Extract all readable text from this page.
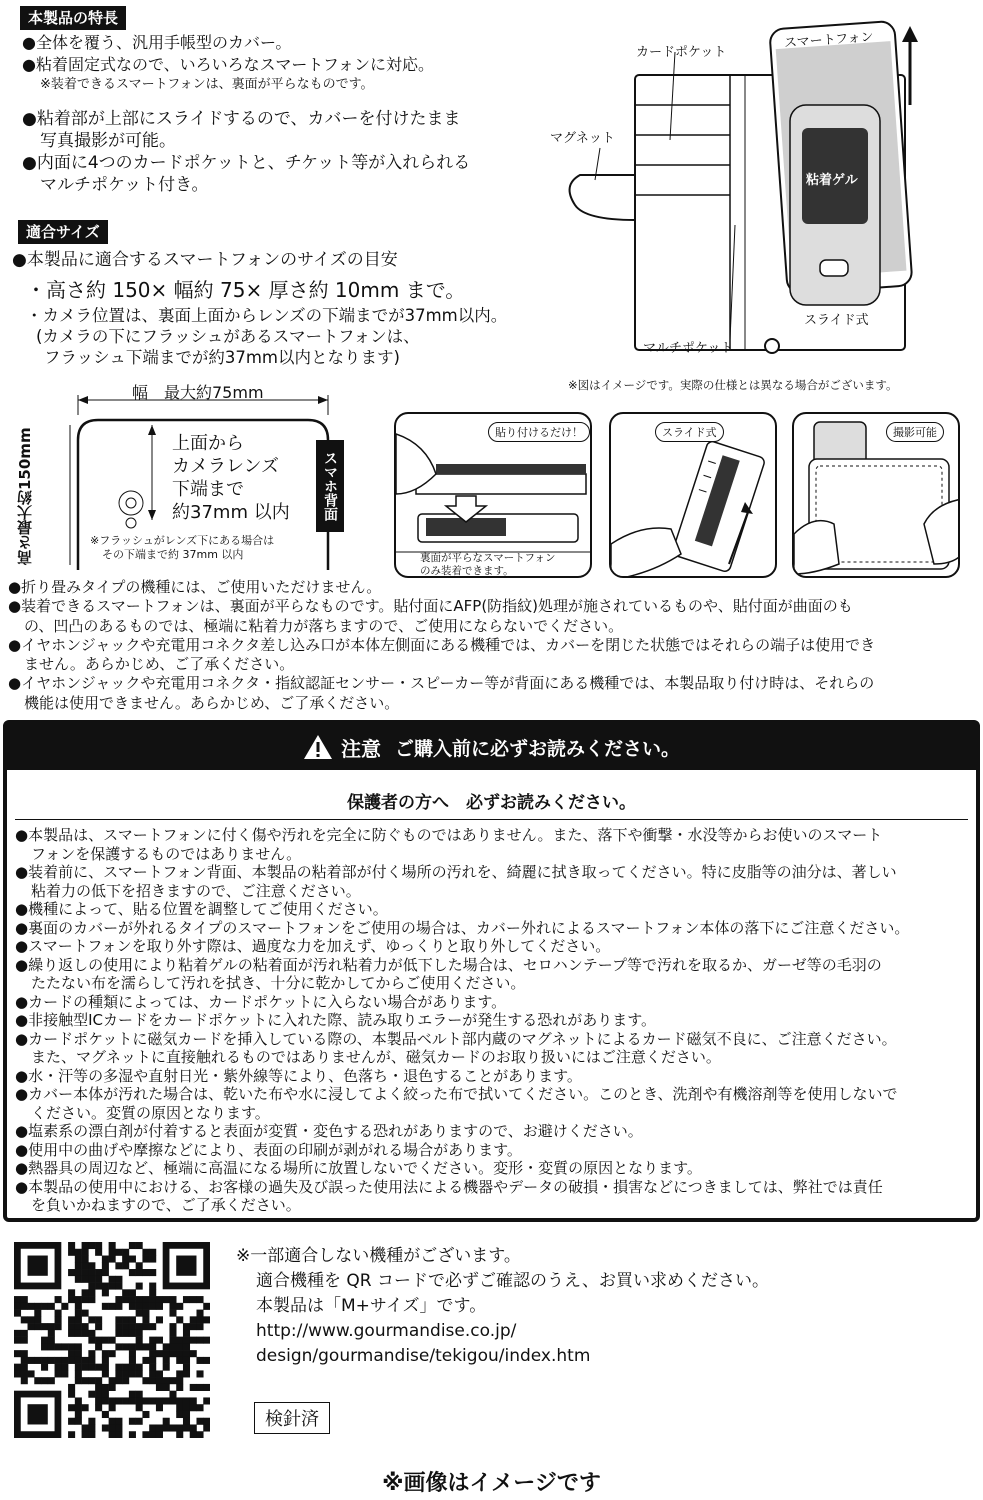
本製品の特長
●全体を覆う、汎用手帳型のカバー。
●粘着固定式なので、いろいろなスマートフォンに対応。
※装着できるスマートフォンは、裏面が平らなものです。
●粘着部が上部にスライドするので、カバーを付けたまま
写真撮影が可能。
●内面に4つのカードポケットと、チケット等が入れられる
マルチポケット付き。
カードポケット
スマートフォン
マグネット
粘着ゲル
スライド式
マルチポケット
※図はイメージです。実際の仕様とは異なる場合がございます。
適合サイズ
●本製品に適合するスマートフォンのサイズの目安
・高さ約 150× 幅約 75× 厚さ約 10mm まで。
・カメラ位置は、裏面上面からレンズの下端までが37mm以内。
(カメラの下にフラッシュがあるスマートフォンは、
フラッシュ下端までが約37mm以内となります)
幅　最大約75mm
高さ最大約150mm	上面から
カメラレンズ
下端まで
約37mm 以内	スマホ背面
※フラッシュがレンズ下にある場合は
その下端まで約 37mm 以内
貼り付けるだけ！
裏面が平らなスマートフォン
のみ装着できます。
スライド式	撮影可能
●折り畳みタイプの機種には、ご使用いただけません。
●装着できるスマートフォンは、裏面が平らなものです。貼付面にAFP(防指紋)処理が施されているものや、貼付面が曲面のも
の、凹凸のあるものでは、極端に粘着力が落ちますので、ご使用にならないでください。
●イヤホンジャックや充電用コネクタ差し込み口が本体左側面にある機種では、カバーを閉じた状態ではそれらの端子は使用でき
ません。あらかじめ、ご了承ください。
●イヤホンジャックや充電用コネクタ・指紋認証センサー・スピーカー等が背面にある機種では、本製品取り付け時は、それらの
機能は使用できません。あらかじめ、ご了承ください。
注意 ご購入前に必ずお読みください。
保護者の方へ　必ずお読みください。
●本製品は、スマートフォンに付く傷や汚れを完全に防ぐものではありません。また、落下や衝撃・水没等からお使いのスマート
フォンを保護するものではありません。
●装着前に、スマートフォン背面、本製品の粘着部が付く場所の汚れを、綺麗に拭き取ってください。特に皮脂等の油分は、著しい
粘着力の低下を招きますので、ご注意ください。
●機種によって、貼る位置を調整してご使用ください。
●裏面のカバーが外れるタイプのスマートフォンをご使用の場合は、カバー外れによるスマートフォン本体の落下にご注意ください。
●スマートフォンを取り外す際は、過度な力を加えず、ゆっくりと取り外してください。
●繰り返しの使用により粘着ゲルの粘着面が汚れ粘着力が低下した場合は、セロハンテープ等で汚れを取るか、ガーゼ等の毛羽の
たたない布を濡らして汚れを拭き、十分に乾かしてからご使用ください。
●カードの種類によっては、カードポケットに入らない場合があります。
●非接触型ICカードをカードポケットに入れた際、読み取りエラーが発生する恐れがあります。
●カードポケットに磁気カードを挿入している際の、本製品ベルト部内蔵のマグネットによるカード磁気不良に、ご注意ください。
また、マグネットに直接触れるものではありませんが、磁気カードのお取り扱いにはご注意ください。
●水・汗等の多湿や直射日光・紫外線等により、色落ち・退色することがあります。
●カバー本体が汚れた場合は、乾いた布や水に浸してよく絞った布で拭いてください。このとき、洗剤や有機溶剤等を使用しないで
ください。変質の原因となります。
●塩素系の漂白剤が付着すると表面が変質・変色する恐れがありますので、お避けください。
●使用中の曲げや摩擦などにより、表面の印刷が剥がれる場合があります。
●熱器具の周辺など、極端に高温になる場所に放置しないでください。変形・変質の原因となります。
●本製品の使用中における、お客様の過失及び誤った使用法による機器やデータの破損・損害などにつきましては、弊社では責任
を負いかねますので、ご了承ください。
※一部適合しない機種がございます。
適合機種を QR コードで必ずご確認のうえ、お買い求めください。
本製品は「M+サイズ」です。
http://www.gourmandise.co.jp/
design/gourmandise/tekigou/index.htm
検針済
※画像はイメージです
